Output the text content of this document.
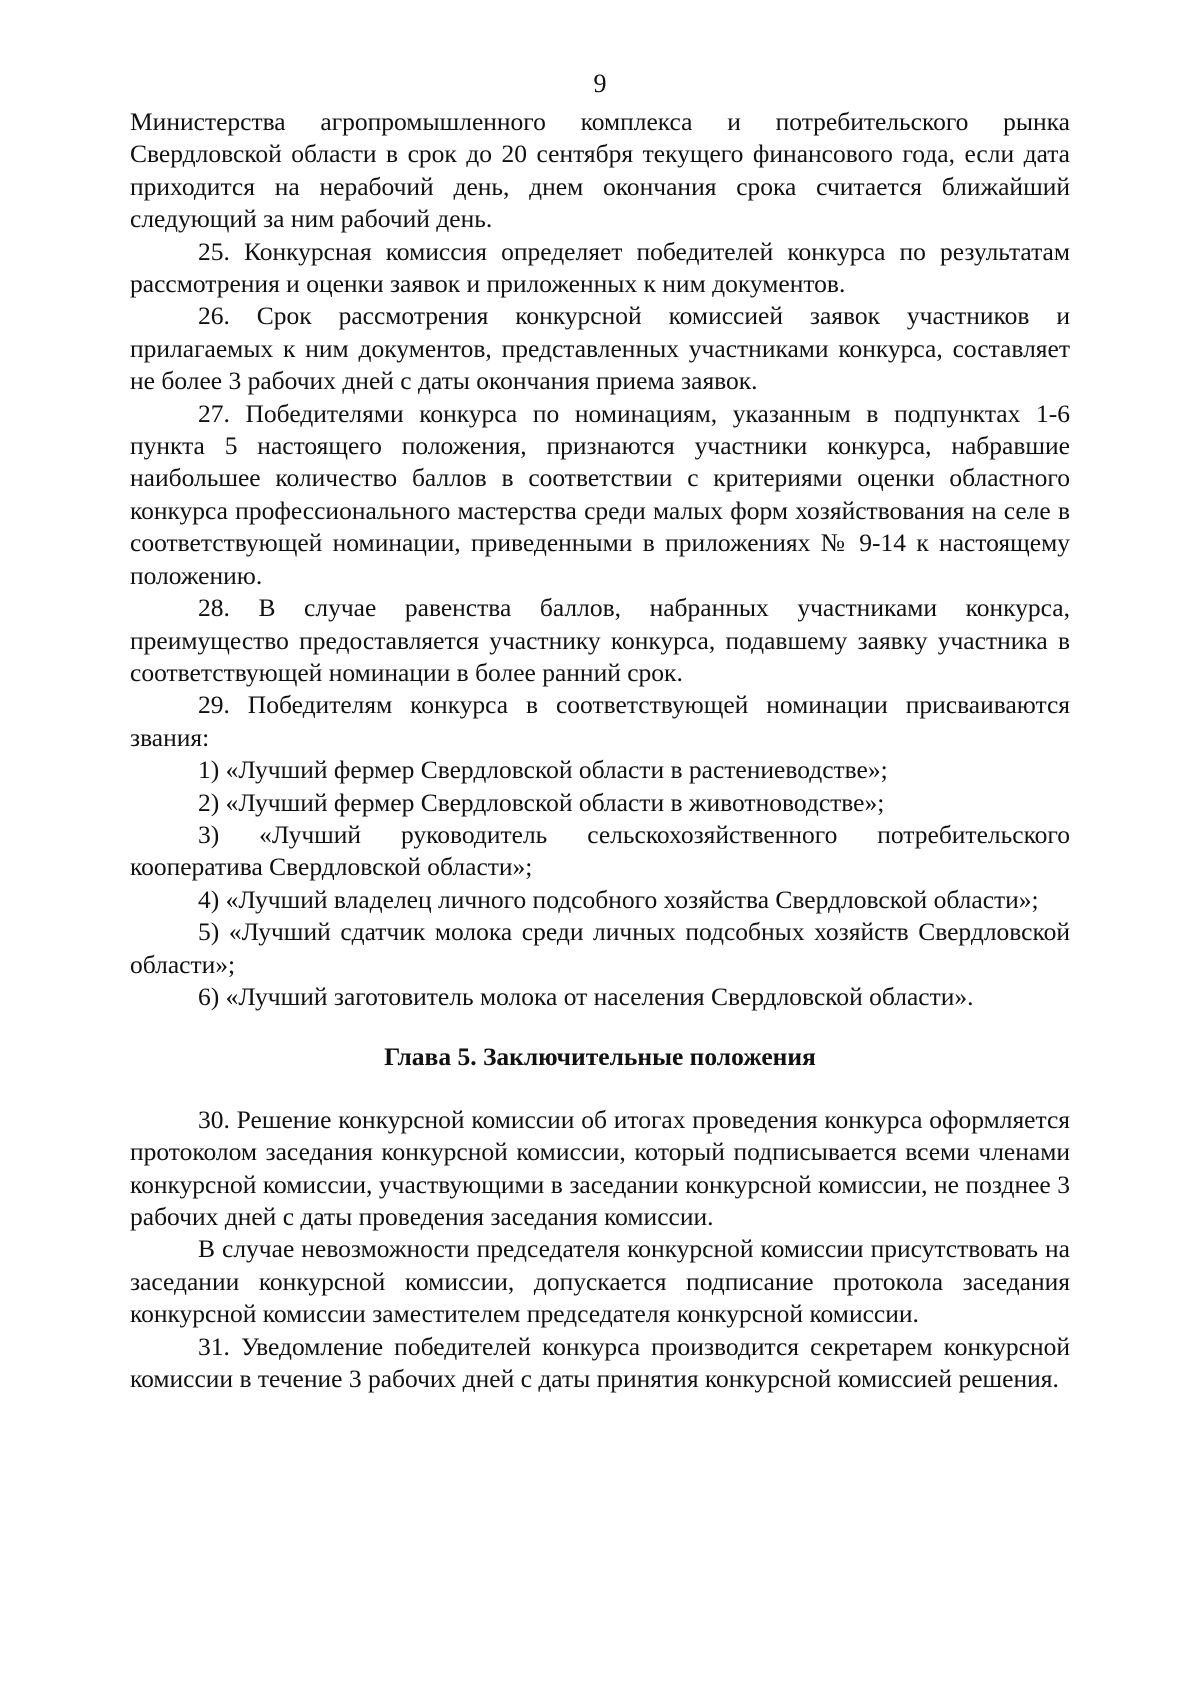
9

Министерства агропромышленного комплекса и потребительского рынка Свердловской области в срок до 20 сентября текущего финансового года, если дата приходится на нерабочий день, днем окончания срока считается ближайший следующий за ним рабочий день.

25. Конкурсная комиссия определяет победителей конкурса по результатам рассмотрения и оценки заявок и приложенных к ним документов.

26. Срок рассмотрения конкурсной комиссией заявок участников и прилагаемых к ним документов, представленных участниками конкурса, составляет не более 3 рабочих дней с даты окончания приема заявок.

27. Победителями конкурса по номинациям, указанным в подпунктах 1-6 пункта 5 настоящего положения, признаются участники конкурса, набравшие наибольшее количество баллов в соответствии с критериями оценки областного конкурса профессионального мастерства среди малых форм хозяйствования на селе в соответствующей номинации, приведенными в приложениях № 9-14 к настоящему положению.

28. В случае равенства баллов, набранных участниками конкурса, преимущество предоставляется участнику конкурса, подавшему заявку участника в соответствующей номинации в более ранний срок.

29. Победителям конкурса в соответствующей номинации присваиваются звания:

1) «Лучший фермер Свердловской области в растениеводстве»;

2) «Лучший фермер Свердловской области в животноводстве»;

3) «Лучший руководитель сельскохозяйственного потребительского кооператива Свердловской области»;

4) «Лучший владелец личного подсобного хозяйства Свердловской области»;

5) «Лучший сдатчик молока среди личных подсобных хозяйств Свердловской области»;

6) «Лучший заготовитель молока от населения Свердловской области».

Глава 5. Заключительные положения

30. Решение конкурсной комиссии об итогах проведения конкурса оформляется протоколом заседания конкурсной комиссии, который подписывается всеми членами конкурсной комиссии, участвующими в заседании конкурсной комиссии, не позднее 3 рабочих дней с даты проведения заседания комиссии.

В случае невозможности председателя конкурсной комиссии присутствовать на заседании конкурсной комиссии, допускается подписание протокола заседания конкурсной комиссии заместителем председателя конкурсной комиссии.

31. Уведомление победителей конкурса производится секретарем конкурсной комиссии в течение 3 рабочих дней с даты принятия конкурсной комиссией решения.
